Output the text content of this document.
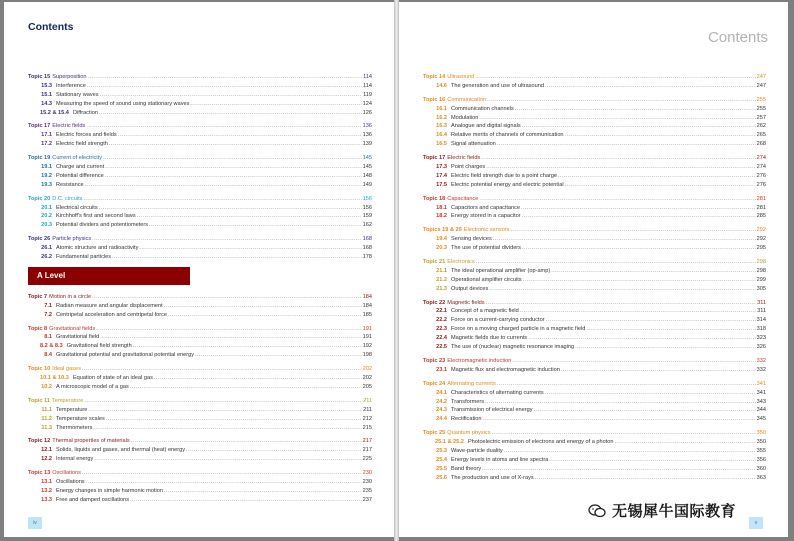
Contents
Topic 15 Superposition .....	114
15.3 Interference .....	114
15.1 Stationary waves .....	119
14.3 Measuring the speed of sound using stationary waves .....	124
15.2 & 15.4 Diffraction .....	126
Topic 17 Electric fields .....	136
17.1 Electric forces and fields .....	136
17.2 Electric field strength .....	139
Topic 19 Current of electricity .....	145
19.1 Charge and current .....	145
19.2 Potential difference .....	148
19.3 Resistance .....	149
Topic 20 D.C. circuits .....	156
20.1 Electrical circuits .....	156
20.2 Kirchhoff's first and second laws .....	159
20.3 Potential dividers and potentiometers .....	162
Topic 26 Particle physics .....	168
26.1 Atomic structure and radioactivity .....	168
26.2 Fundamental particles .....	178
A Level
Topic 7 Motion in a circle .....	184
7.1 Radian measure and angular displacement .....	184
7.2 Centripetal acceleration and centripetal force .....	185
Topic 8 Gravitational fields .....	191
8.1 Gravitational field .....	191
8.2 & 8.3 Gravitational field strength .....	192
8.4 Gravitational potential and gravitational potential energy .....	198
Topic 10 Ideal gases .....	202
10.1 & 10.3 Equation of state of an ideal gas .....	202
10.2 A microscopic model of a gas .....	205
Topic 11 Temperature .....	211
11.1 Temperature .....	211
11.2 Temperature scales .....	212
11.3 Thermometers .....	215
Topic 12 Thermal properties of materials .....	217
12.1 Solids, liquids and gases, and thermal (heat) energy .....	217
12.2 Internal energy .....	225
Topic 13 Oscillations .....	230
13.1 Oscillations .....	230
13.2 Energy changes in simple harmonic motion .....	235
13.3 Free and damped oscillations .....	237
iv
Contents
Topic 14 Ultrasound .....	247
14.6 The generation and use of ultrasound .....	247
Topic 16 Communication .....	255
16.1 Communication channels .....	255
16.2 Modulation .....	257
16.3 Analogue and digital signals .....	262
16.4 Relative merits of channels of communication .....	265
16.5 Signal attenuation .....	268
Topic 17 Electric fields .....	274
17.3 Point charges .....	274
17.4 Electric field strength due to a point charge .....	276
17.5 Electric potential energy and electric potential .....	276
Topic 18 Capacitance .....	281
18.1 Capacitors and capacitance .....	281
18.2 Energy stored in a capacitor .....	285
Topics 19 & 20 Electronic sensors .....	292
19.4 Sensing devices .....	292
20.3 The use of potential dividers .....	295
Topic 21 Electronics .....	298
21.1 The ideal operational amplifier (op-amp) .....	298
21.2 Operational amplifier circuits .....	299
21.3 Output devices .....	305
Topic 22 Magnetic fields .....	311
22.1 Concept of a magnetic field .....	311
22.2 Force on a current-carrying conductor .....	314
22.3 Force on a moving charged particle in a magnetic field .....	318
22.4 Magnetic fields due to currents .....	323
22.5 The use of (nuclear) magnetic resonance imaging .....	326
Topic 23 Electromagnetic induction .....	332
23.1 Magnetic flux and electromagnetic induction .....	332
Topic 24 Alternating currents .....	341
24.1 Characteristics of alternating currents .....	341
24.2 Transformers .....	343
24.3 Transmission of electrical energy .....	344
24.4 Rectification .....	345
Topic 25 Quantum physics .....	350
25.1 & 25.2 Photoelectric emission of electrons and energy of a photon .....	350
25.3 Wave-particle duality .....	355
25.4 Energy levels in atoms and line spectra .....	356
25.5 Band theory .....	360
25.6 The production and use of X-rays .....	363
v
无锡犀牛国际教育
